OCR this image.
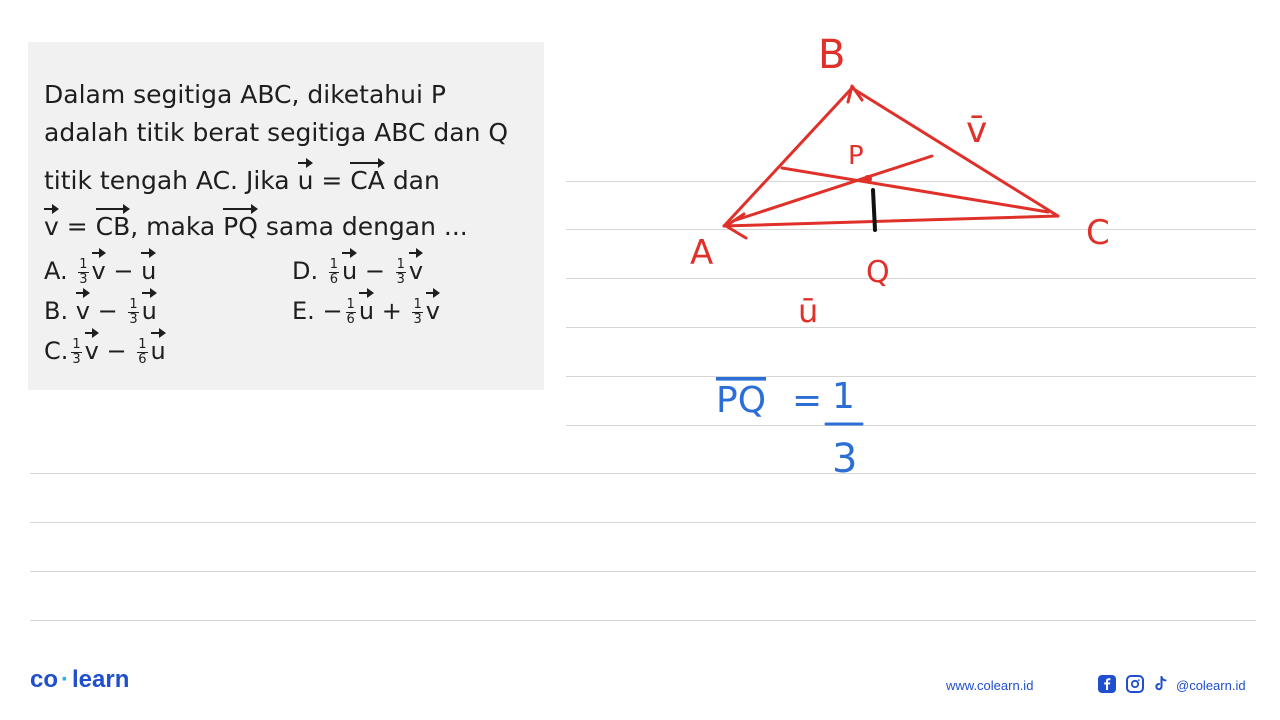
Dalam segitiga ABC, diketahui P
adalah titik berat segitiga ABC dan Q
titik tengah AC. Jika u = CA dan
v = CB, maka PQ sama dengan ...
A. $\frac{1}{3}$ v − u
B. $v - \frac{1}{3}$ u
C. $\frac{1}{3}$ $v - \frac{1}{6}$ u
D. $\frac{1}{6}$ $u - \frac{1}{3}$ v
E. − $\frac{1}{6}$ $u + \frac{1}{3}$ v
B
A	C
P
Q
v̄
ū
PQ = 1
3
co · learn	www.colearn.id	@colearn.id
